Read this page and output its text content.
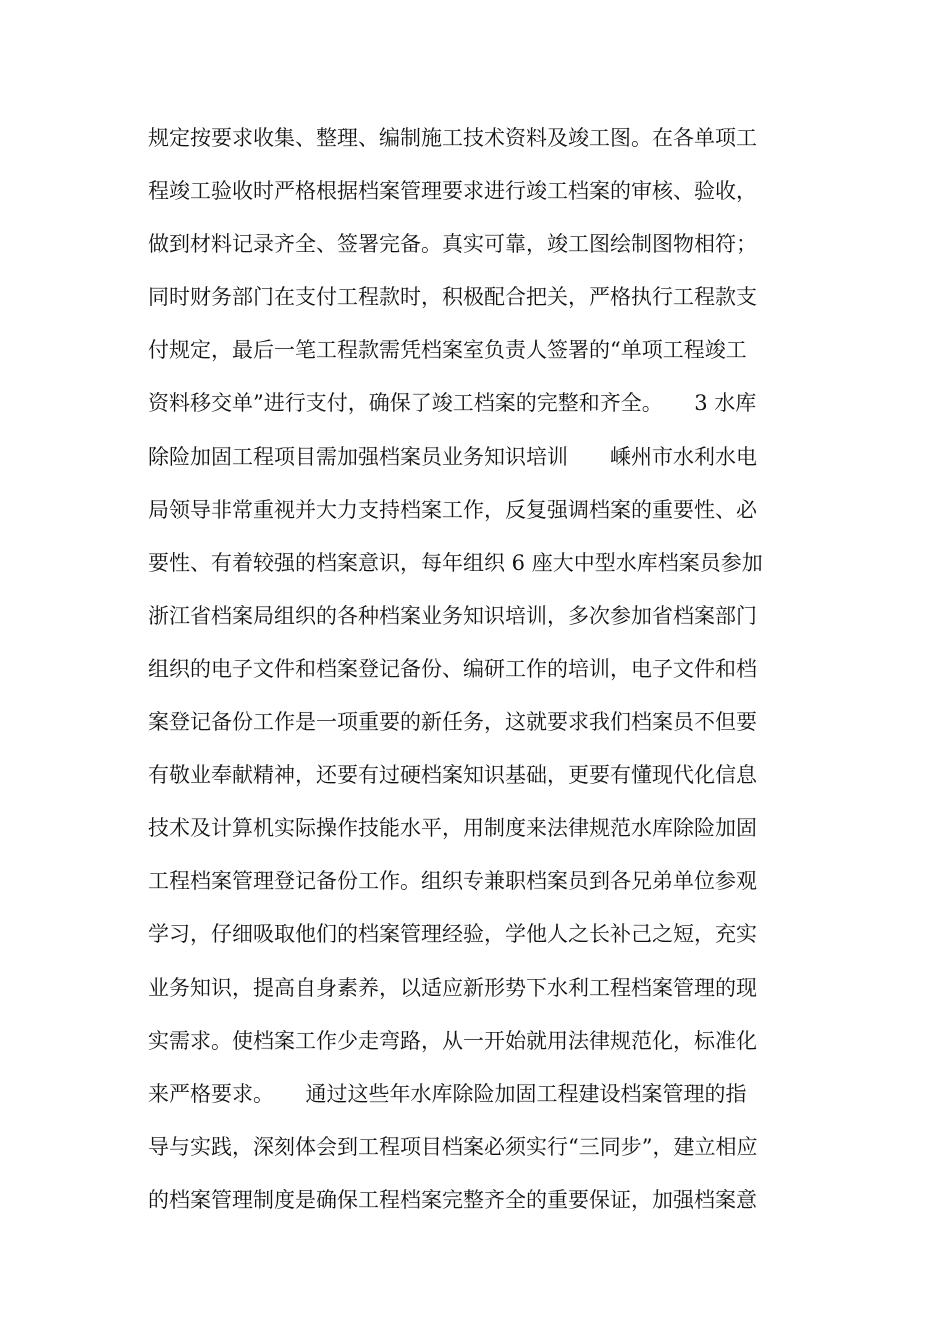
规定按要求收集、整理、编制施工技术资料及竣工图。在各单项工
程竣工验收时严格根据档案管理要求进行竣工档案的审核、验收，
做到材料记录齐全、签署完备。真实可靠，竣工图绘制图物相符；
同时财务部门在支付工程款时，积极配合把关，严格执行工程款支
付规定，最后一笔工程款需凭档案室负责人签署的“单项工程竣工
资料移交单”进行支付，确保了竣工档案的完整和齐全。　　3 水库
除险加固工程项目需加强档案员业务知识培训　　嵊州市水利水电
局领导非常重视并大力支持档案工作，反复强调档案的重要性、必
要性、有着较强的档案意识，每年组织 6 座大中型水库档案员参加
浙江省档案局组织的各种档案业务知识培训，多次参加省档案部门
组织的电子文件和档案登记备份、编研工作的培训，电子文件和档
案登记备份工作是一项重要的新任务，这就要求我们档案员不但要
有敬业奉献精神，还要有过硬档案知识基础，更要有懂现代化信息
技术及计算机实际操作技能水平，用制度来法律规范水库除险加固
工程档案管理登记备份工作。组织专兼职档案员到各兄弟单位参观
学习，仔细吸取他们的档案管理经验，学他人之长补己之短，充实
业务知识，提高自身素养，以适应新形势下水利工程档案管理的现
实需求。使档案工作少走弯路，从一开始就用法律规范化，标准化
来严格要求。　　通过这些年水库除险加固工程建设档案管理的指
导与实践，深刻体会到工程项目档案必须实行“三同步”，建立相应
的档案管理制度是确保工程档案完整齐全的重要保证，加强档案意
